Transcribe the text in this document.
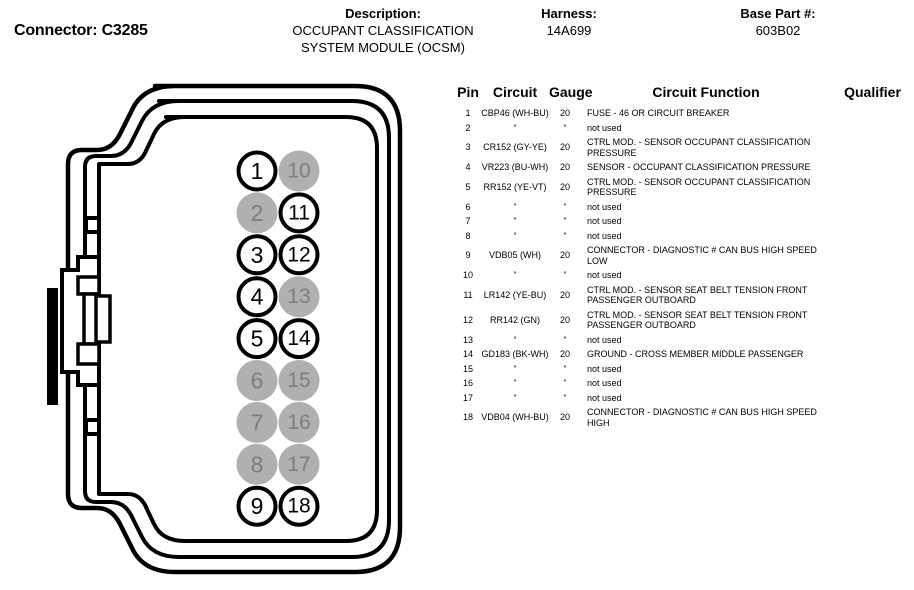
Connector: C3285
Description:
OCCUPANT CLASSIFICATION
SYSTEM MODULE (OCSM)
Harness:
14A699
Base Part #:
603B02
1
2
3
4
5
6
7
8
9
10
11
12
13
14
15
16
17
18
Pin	Circuit	Gauge	Circuit Function	Qualifier
1	CBP46 (WH-BU)	20	FUSE - 46 OR CIRCUIT BREAKER	
2	*	*	not used	
3	CR152 (GY-YE)	20	CTRL MOD. - SENSOR OCCUPANT CLASSIFICATION PRESSURE	
4	VR223 (BU-WH)	20	SENSOR - OCCUPANT CLASSIFICATION PRESSURE	
5	RR152 (YE-VT)	20	CTRL MOD. - SENSOR OCCUPANT CLASSIFICATION PRESSURE	
6	*	*	not used	
7	*	*	not used	
8	*	*	not used	
9	VDB05 (WH)	20	CONNECTOR - DIAGNOSTIC # CAN BUS HIGH SPEED LOW	
10	*	*	not used	
11	LR142 (YE-BU)	20	CTRL MOD. - SENSOR SEAT BELT TENSION FRONT PASSENGER OUTBOARD	
12	RR142 (GN)	20	CTRL MOD. - SENSOR SEAT BELT TENSION FRONT PASSENGER OUTBOARD	
13	*	*	not used	
14	GD183 (BK-WH)	20	GROUND - CROSS MEMBER MIDDLE PASSENGER	
15	*	*	not used	
16	*	*	not used	
17	*	*	not used	
18	VDB04 (WH-BU)	20	CONNECTOR - DIAGNOSTIC # CAN BUS HIGH SPEED HIGH	
